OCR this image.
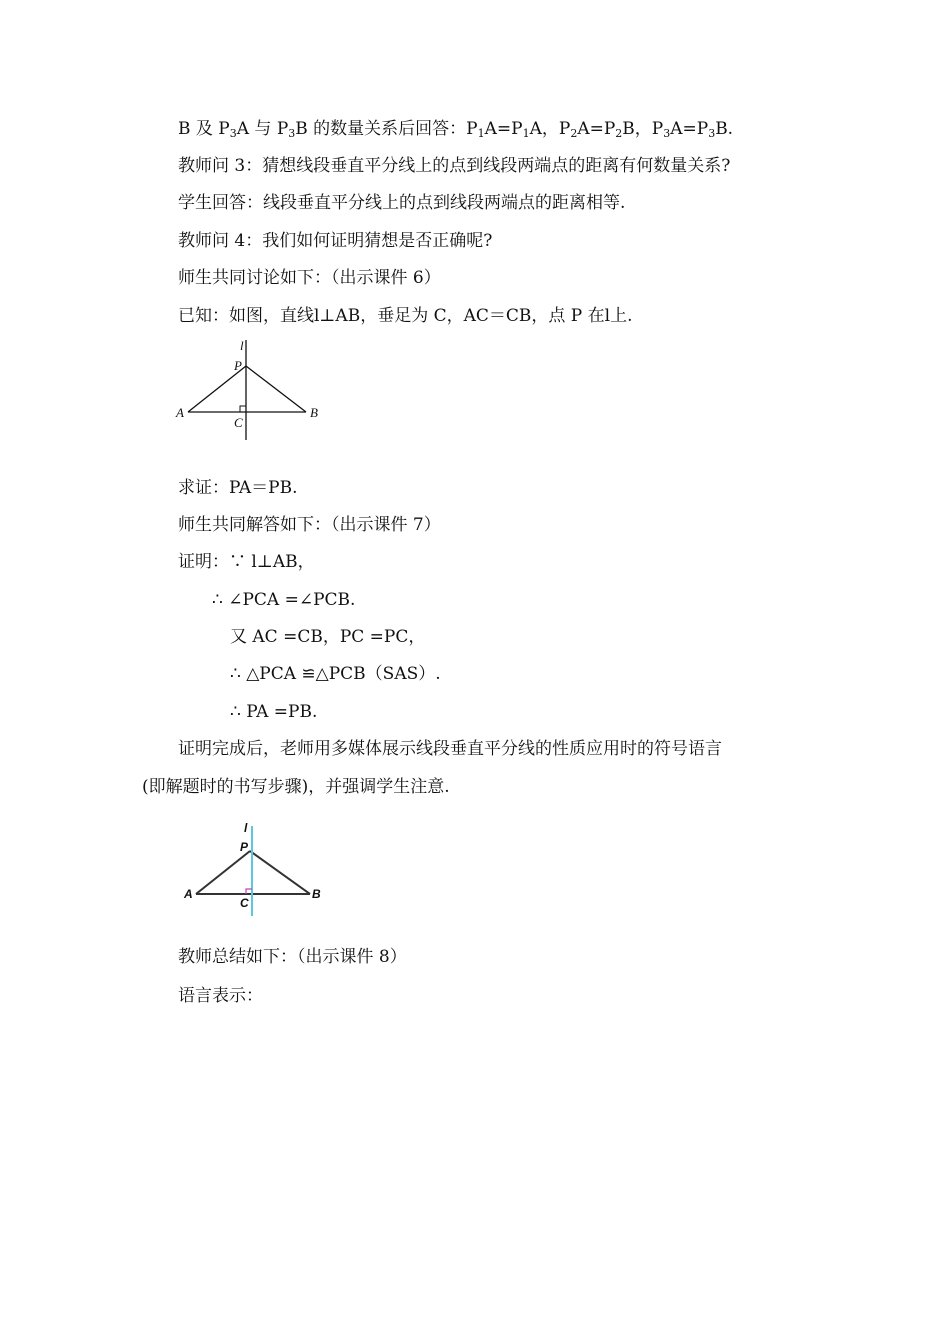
B 及 $P_3A$ 与 $P_3B$ 的数量关系后回答：$P_1A=P_1A$，$P_2A=P_2B$，$P_3A=P_3B$.
教师问 3：猜想线段垂直平分线上的点到线段两端点的距离有何数量关系?
学生回答：线段垂直平分线上的点到线段两端点的距离相等.
教师问 4：我们如何证明猜想是否正确呢?
师生共同讨论如下：（出示课件 6）
已知：如图，直线l⊥AB，垂足为 C，AC＝CB，点 P 在l上.
l
P
A	B
C
求证：PA＝PB.
师生共同解答如下：（出示课件 7）
证明：∵ l⊥AB，
∴ ∠PCA =∠PCB.
又 AC =CB，PC =PC，
∴ △PCA ≌△PCB（SAS）.
∴ PA =PB.
证明完成后，老师用多媒体展示线段垂直平分线的性质应用时的符号语言
(即解题时的书写步骤)，并强调学生注意.
l
P
A	B
C
教师总结如下：（出示课件 8）
语言表示：
